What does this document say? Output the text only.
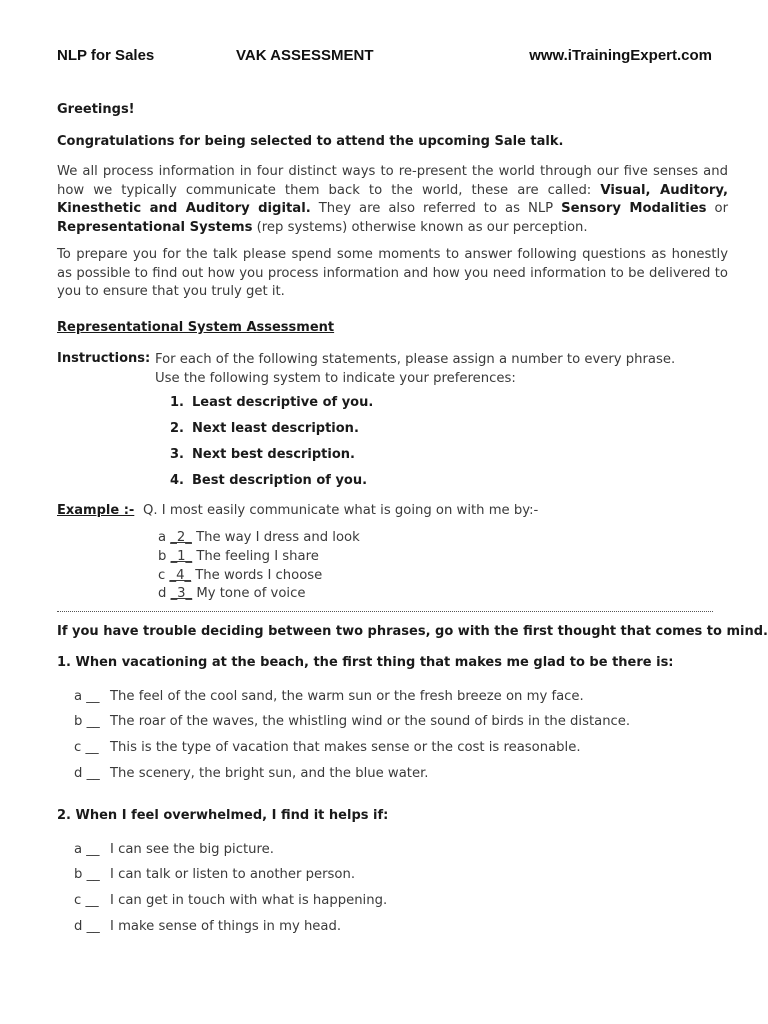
NLP for Sales	VAK ASSESSMENT	www.iTrainingExpert.com
Greetings!
Congratulations for being selected to attend the upcoming Sale talk.
We all process information in four distinct ways to re-present the world through our five senses and how we typically communicate them back to the world, these are called: Visual, Auditory, Kinesthetic and Auditory digital. They are also referred to as NLP Sensory Modalities or Representational Systems (rep systems) otherwise known as our perception.
To prepare you for the talk please spend some moments to answer following questions as honestly as possible to find out how you process information and how you need information to be delivered to you to ensure that you truly get it.
Representational System Assessment
Instructions: For each of the following statements, please assign a number to every phrase.
Use the following system to indicate your preferences:
1. Least descriptive of you.
2. Next least description.
3. Next best description.
4. Best description of you.
Example :- Q. I most easily communicate what is going on with me by:-
a _2_ The way I dress and look
b _1_ The feeling I share
c _4_ The words I choose
d _3_ My tone of voice
If you have trouble deciding between two phrases, go with the first thought that comes to mind.
1. When vacationing at the beach, the first thing that makes me glad to be there is:
a __ The feel of the cool sand, the warm sun or the fresh breeze on my face.
b __ The roar of the waves, the whistling wind or the sound of birds in the distance.
c __ This is the type of vacation that makes sense or the cost is reasonable.
d __ The scenery, the bright sun, and the blue water.
2. When I feel overwhelmed, I find it helps if:
a __ I can see the big picture.
b __ I can talk or listen to another person.
c __ I can get in touch with what is happening.
d __ I make sense of things in my head.
